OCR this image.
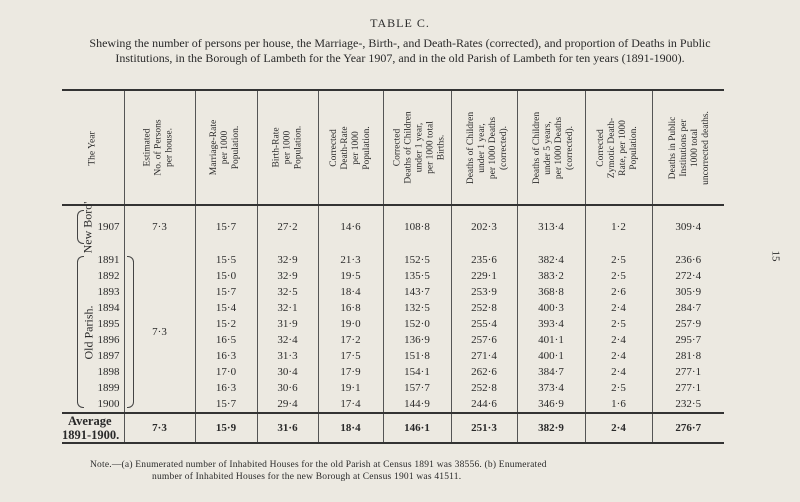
TABLE C.
Shewing the number of persons per house, the Marriage-, Birth-, and Death-Rates (corrected), and proportion of Deaths in Public Institutions, in the Borough of Lambeth for the Year 1907, and in the old Parish of Lambeth for ten years (1891-1900).
15
The Year		Estimated
No. of Persons
per house.	Marriage-Rate
per 1000
Population.	Birth-Rate
per 1000
Population.	Corrected
Death-Rate
per 1000
Population.	Corrected
Deaths of Children
under 1 year,
per 1000 total
Births.	Deaths of Children
under 1 year,
per 1000 Deaths
(corrected).	Deaths of Children
under 5 years,
per 1000 Deaths
(corrected).	Corrected
Zymotic Death-
Rate, per 1000
Population.	Deaths in Public
Institutions per
1000 total
uncorrected deaths.
New Boro'	1907	7·3	15·7	27·2	14·6	108·8	202·3	313·4	1·2	309·4

Old Parish.	1891	7·3	15·5	32·9	21·3	152·5	235·6	382·4	2·5	236·6
	1892		15·0	32·9	19·5	135·5	229·1	383·2	2·5	272·4
	1893		15·7	32·5	18·4	143·7	253·9	368·8	2·6	305·9
	1894		15·4	32·1	16·8	132·5	252·8	400·3	2·4	284·7
	1895		15·2	31·9	19·0	152·0	255·4	393·4	2·5	257·9
	1896		16·5	32·4	17·2	136·9	257·6	401·1	2·4	295·7
	1897		16·3	31·3	17·5	151·8	271·4	400·1	2·4	281·8
	1898		17·0	30·4	17·9	154·1	262·6	384·7	2·4	277·1
	1899		16·3	30·6	19·1	157·7	252·8	373·4	2·5	277·1
	1900		15·7	29·4	17·4	144·9	244·6	346·9	1·6	232·5

Average
1891-1900.		7·3	15·9	31·6	18·4	146·1	251·3	382·9	2·4	276·7
Note.—(a) Enumerated number of Inhabited Houses for the old Parish at Census 1891 was 38556. (b) Enumerated
number of Inhabited Houses for the new Borough at Census 1901 was 41511.
